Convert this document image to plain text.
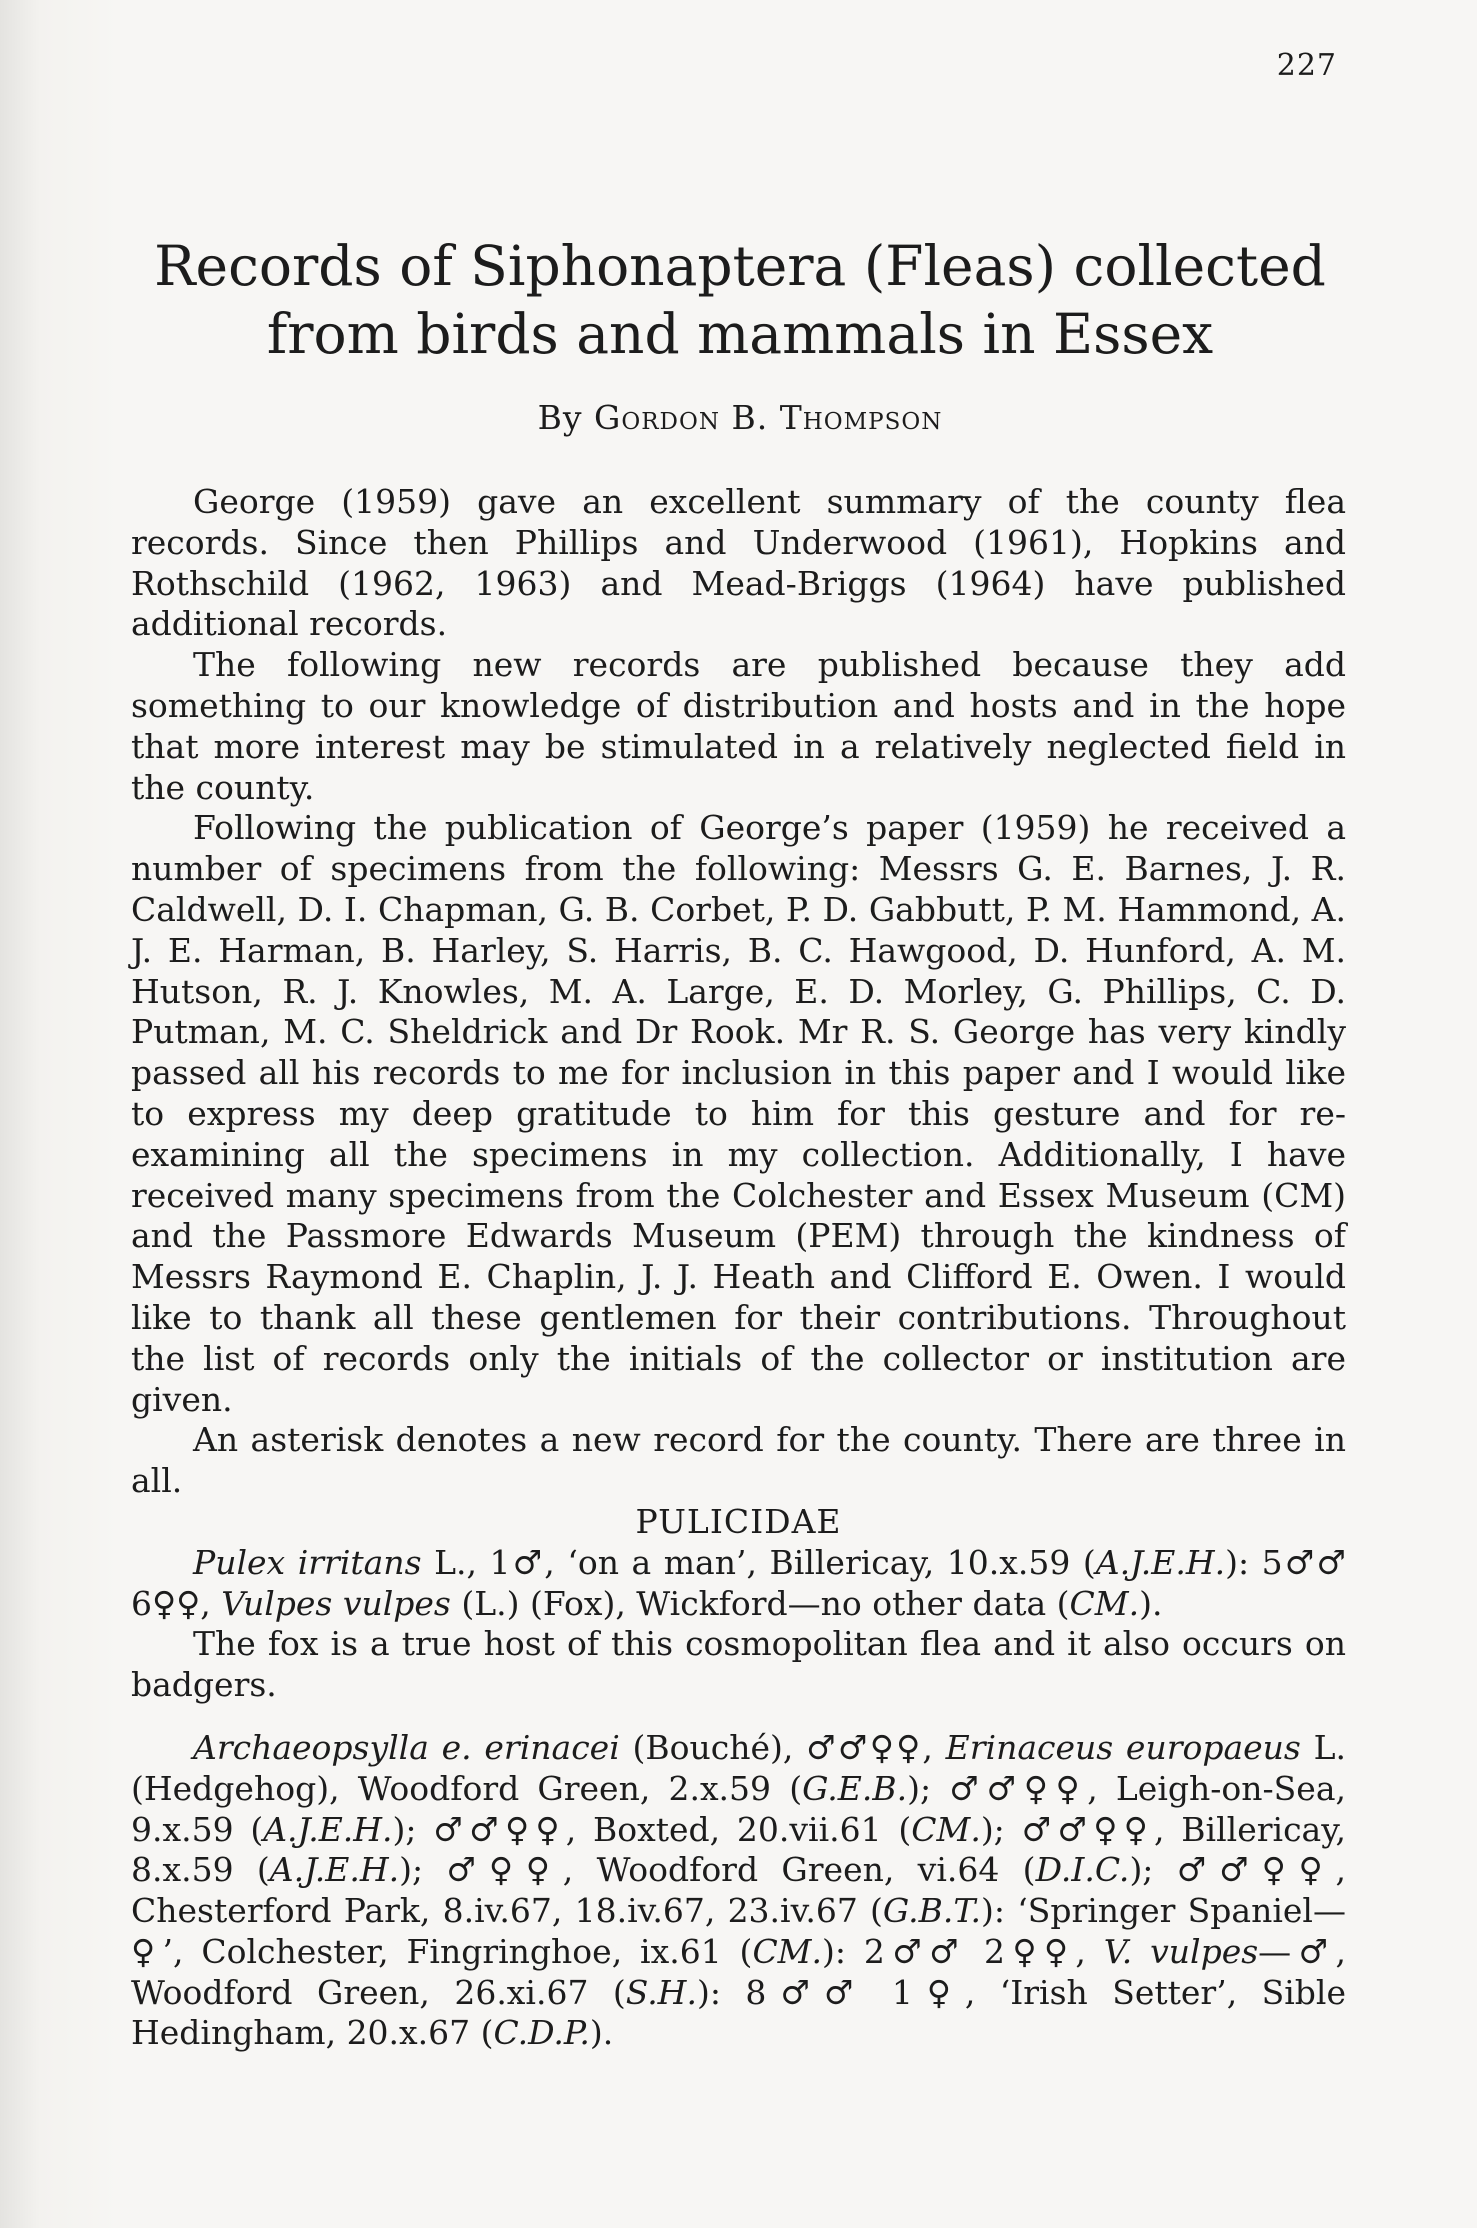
227
Records of Siphonaptera (Fleas) collected from birds and mammals in Essex
By Gordon B. Thompson

George (1959) gave an excellent summary of the county flea records. Since then Phillips and Underwood (1961), Hopkins and Rothschild (1962, 1963) and Mead-Briggs (1964) have published additional records.

The following new records are published because they add something to our knowledge of distribution and hosts and in the hope that more interest may be stimulated in a relatively neglected field in the county.

Following the publication of George’s paper (1959) he received a number of specimens from the following: Messrs G. E. Barnes, J. R. Caldwell, D. I. Chapman, G. B. Corbet, P. D. Gabbutt, P. M. Hammond, A. J. E. Harman, B. Harley, S. Harris, B. C. Hawgood, D. Hunford, A. M. Hutson, R. J. Knowles, M. A. Large, E. D. Morley, G. Phillips, C. D. Putman, M. C. Sheldrick and Dr Rook. Mr R. S. George has very kindly passed all his records to me for inclusion in this paper and I would like to express my deep gratitude to him for this gesture and for re-examining all the specimens in my collection. Additionally, I have received many specimens from the Colchester and Essex Museum (CM) and the Passmore Edwards Museum (PEM) through the kindness of Messrs Raymond E. Chaplin, J. J. Heath and Clifford E. Owen. I would like to thank all these gentlemen for their contributions. Throughout the list of records only the initials of the collector or institution are given.

An asterisk denotes a new record for the county. There are three in all.

PULICIDAE

Pulex irritans L., 1♂, ‘on a man’, Billericay, 10.x.59 (A.J.E.H.): 5♂♂ 6♀♀, Vulpes vulpes (L.) (Fox), Wickford—no other data (CM.).

The fox is a true host of this cosmopolitan flea and it also occurs on badgers.

Archaeopsylla e. erinacei (Bouché), ♂♂♀♀, Erinaceus europaeus L. (Hedgehog), Woodford Green, 2.x.59 (G.E.B.); ♂♂♀♀, Leigh-on-Sea, 9.x.59 (A.J.E.H.); ♂♂♀♀, Boxted, 20.vii.61 (CM.); ♂♂♀♀, Billericay, 8.x.59 (A.J.E.H.); ♂♀♀, Woodford Green, vi.64 (D.I.C.); ♂♂♀♀, Chesterford Park, 8.iv.67, 18.iv.67, 23.iv.67 (G.B.T.): ‘Springer Spaniel—♀’, Colchester, Fingringhoe, ix.61 (CM.): 2♂♂ 2♀♀, V. vulpes—♂, Woodford Green, 26.xi.67 (S.H.): 8♂♂ 1♀, ‘Irish Setter’, Sible Hedingham, 20.x.67 (C.D.P.).
